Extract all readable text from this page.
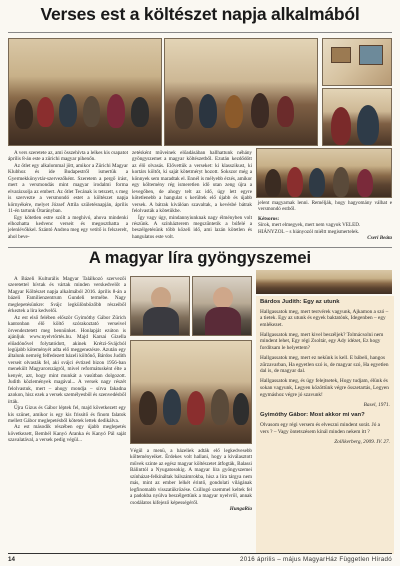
Verses est a költészet napja alkalmából

A vers szeretete az, ami összehívta a lelkes kis csapatot április 8-án este a zürichi magyar pihenőn.

Az ötlet egy alkalommal jött, amikor a Zürichi Magyar Klubhoz és ide Budapestről ismertük a Gyermekkönyvtár-szervezőként. Szeretem a pergő írást, mert a versmondás mint magyar irodalmi forma elvarázsolja az embert. Az ötlet Tecának is tetszett, s meg is szervezte a versmondó estet a költészet napja környékére, melyet József Attila születésnapján, április 11-én tartunk Ötarányban.

Egy kötetlen estre szólt a meghívó, ahova mindenki elhozhatta kedvenc verseit és megoszthatta a jelenlévőkkel. Szántó Andrea meg egy vetítő is felszerelt, ahol beve-

zetésként műveinek előadásában hallhattunk néhány gyöngyszemet a magyar költészetből. Ezután kezdődött az élő olvasás. Elővettük a verseket: ki klasszikust, ki kortárs költőt, ki saját kötetméryt hozott. Sokszor még a könnyek sem maradtak el. Ennél is mélyebb érzés, amikor egy költemény rég ismeretlen idő utan zeng újra a levegőben, de ahogy telt az idő, úgy lett egyre kötetlenebb a hangulat s kerültek elő újabb és újabb versek. A bátrak kiválóan szavaltak, a kevésbé bátrak felolvasták a kötetükbe.

Így vagy úgy, mindannyiunknak nagy élményben volt részünk. A színházterem megszűntetik a búfelé a beszélgetésünk több közeli idő, ami lazán kötetlen és hangulatos este volt.

jelent magyarnak lenni. Remélják, hogy hagyomány válhat e versmondó estből.

Kétsoros:

Sírok, mert elmegyek, mert nem vagyok VELED.

HIÁNYZOL – s hiányozól miéltt megismertelek.

Cseri Beáta
A magyar líra gyöngyszemei

A Bázeli Kulturális Magyar Találkozó szervezői szeretettel hívtak és vártak minden verskedvelőt a Magyar Költészet napja alkalmából 2016. április 8-án a bázeli Familienzentrum Gundeli termébe. Nagy meglepetésünkre: Svájc legkülönbözőbb részeiből érkeztek a líra kedvelői.

Az est első felében először Gyimóthy Gábor Zürich kantonban élő költő szórakoztató verseivel örvendeztetett meg bennünket. Honlapját ezúton is ajánljuk www.nyelvtörtés.hu. Majd Karsai Gizella előadónővel folytatódott, akinek Krétzi-Svájcból legújabb köteményét adta elő meggenezésre. Azután egy általunk nemrég felfedezett bázeli költőnő, Bárdos Judith verseit olvasták fel, aki svájci évtized bizon 1956-ban menekült Magyarországról, mivel reformátusként élte a kenyér, azt, hogy mint munkát a vasútban dolgozott. Judith közlemények magával... A versek nagy részét felolvastuk, mert – ahogy mondja – sírva fakadna azokon, hisz ezek a versek személyesből és szenvedésből írták.

Újra Gizus és Gábor léptek fel, majd következett egy kis szünet, amikor is egy kis frissítő és finom falatok mellett Gábor meglepetésből kötetek lettek dedikálva.

Az est második részében egy újabb meglepetés következett, Bembél Kanyó Aranka és Kanyó Pál saját szavalatával, a versek pedig végül...

Végül a menü, a bázeliek adták elő legkedvesebb költeményeiket. Érdekes volt hallani, hogy a kiválasztott művek szinte az egész magyar költészetet átfogták, Balassi Bálinttól a Nyugatosokig. A magyar líra gyöngyszemei színházat-felkínáltak bálszámrokba, hisz a líra tárgya nem más, mint az ember lelkét érintő, gondolati világának legfinomabb visszatükrözése. Csillogó szemmel keltek fel a padokba nyúlva beszélgettünk a magyar nyelvről, annak csodálatos kifejező képességéről.

HungaRia
Bárdos Judith: Egy az utunk
Hallgassatok meg, mert testvérek vagyunk, Ajkamon a szó – a tietek. Egy az utunk és egyek baktatónk, Idegenben – egy emlékezet.
Hallgassatok meg, mert kivel beszéljek? Tolmácsolni nem mindent lehet, Egy régi Zsoltár, egy Ady idézet, Ez hogy fordítsam le helyettem?
Hallgassatok meg, mert ez nekünk is kell. E bábeli, hangos zűrzavarban, Ha egyetlen szó is, de magyar szó, Ha egyetlen dal is, de magyar dal.
Hallgassatok meg, és úgy felejtsetek, Hogy tudjam, élünk és sokan vagyunk, Legyen közöttünk végre összetartás, Legyen egymáshoz végre jó szavunk!
Basel, 1971.
Gyimóthy Gábor: Most akkor mi van?
Olvasom egy régi versem és elveszni mindent sorát. Jó a vers ? – Vagy öntetszésem kínál minden nekem itt ?
Zollikerberg, 2009. IV. 27.
14	2016 április – május MagyarHáz Független Híradó
